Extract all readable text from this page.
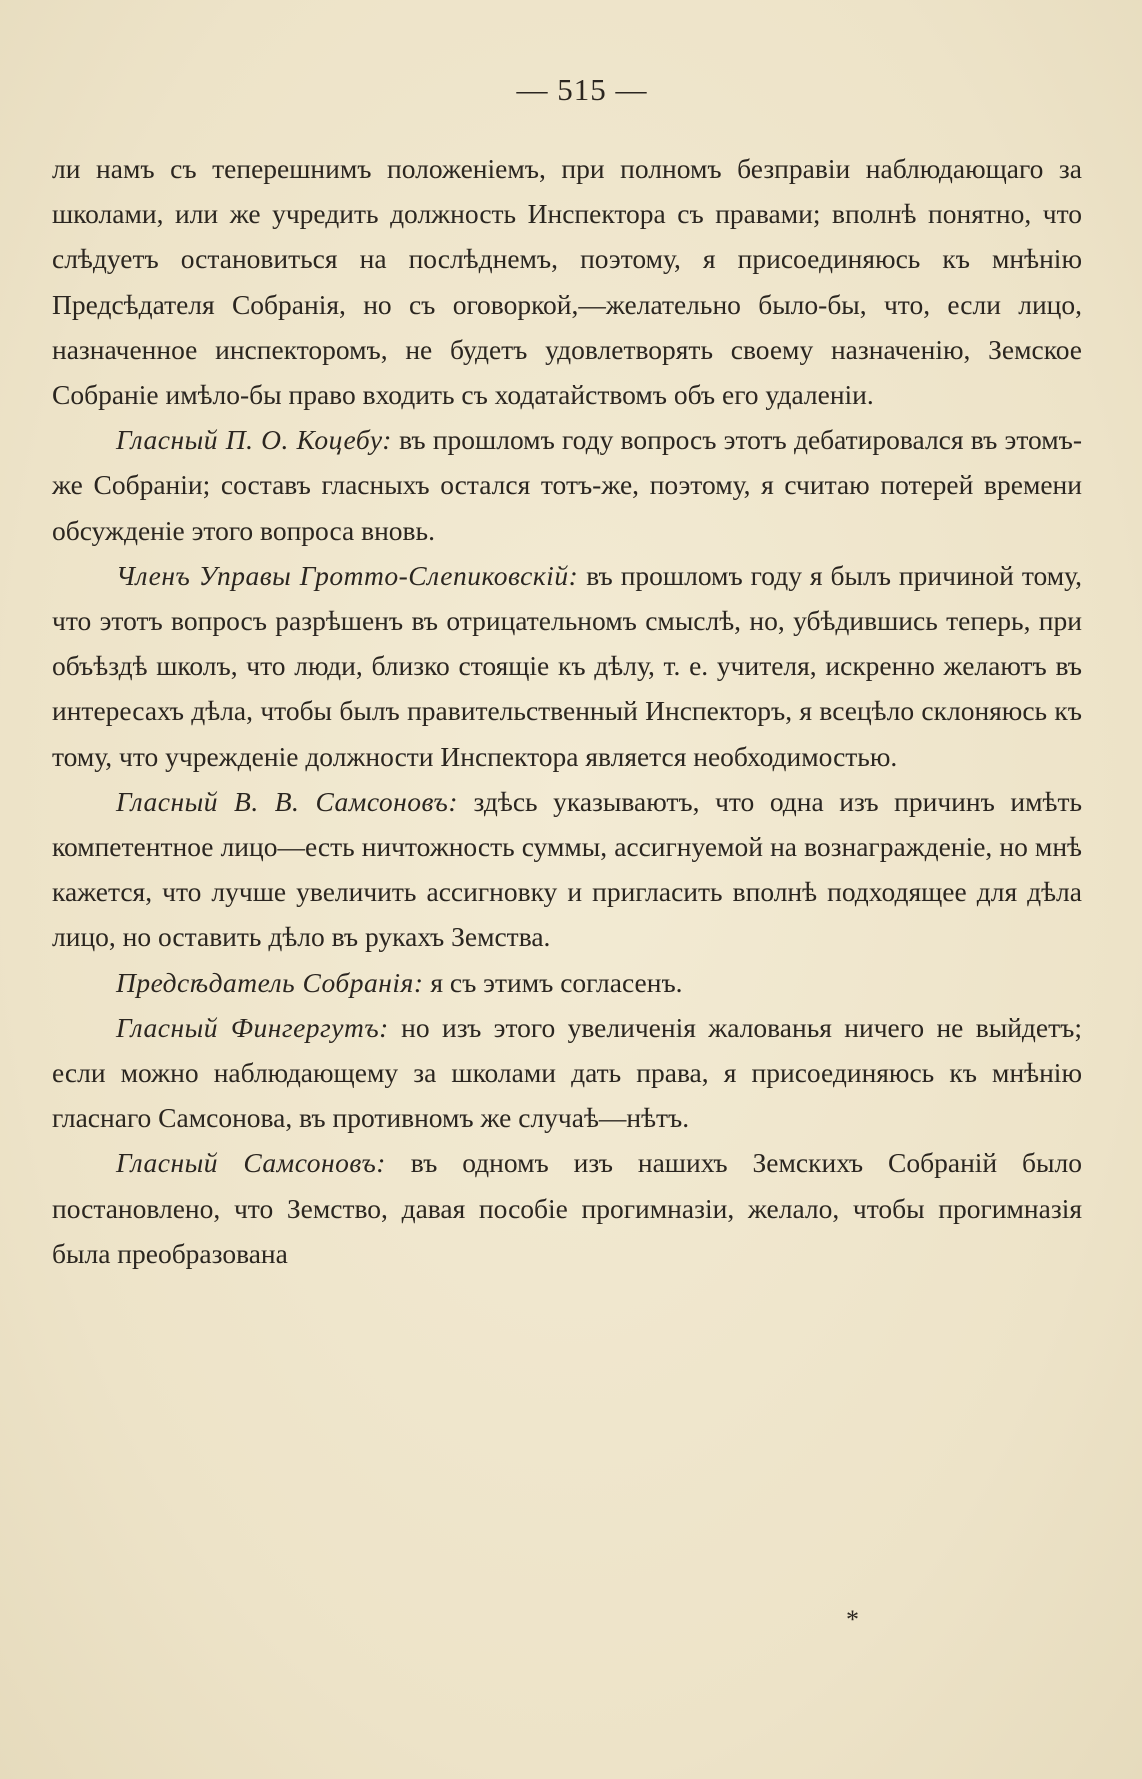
— 515 —

ли намъ съ теперешнимъ положеніемъ, при полномъ безправіи наблюдающаго за школами, или же учредить должность Инспектора съ правами; вполнѣ понятно, что слѣдуетъ остановиться на послѣднемъ, поэтому, я присоединяюсь къ мнѣнію Предсѣдателя Собранія, но съ оговоркой,—желательно было-бы, что, если лицо, назначенное инспекторомъ, не будетъ удовлетворять своему назначенію, Земское Собраніе имѣло-бы право входить съ ходатайствомъ объ его удаленіи.

Гласный П. О. Коцебу: въ прошломъ году вопросъ этотъ дебатировался въ этомъ-же Собраніи; составъ гласныхъ остался тотъ-же, поэтому, я считаю потерей времени обсужденіе этого вопроса вновь.

Членъ Управы Гротто-Слепиковскій: въ прошломъ году я былъ причиной тому, что этотъ вопросъ разрѣшенъ въ отрицательномъ смыслѣ, но, убѣдившись теперь, при объѣздѣ школъ, что люди, близко стоящіе къ дѣлу, т. е. учителя, искренно желаютъ въ интересахъ дѣла, чтобы былъ правительственный Инспекторъ, я всецѣло склоняюсь къ тому, что учрежденіе должности Инспектора является необходимостью.

Гласный В. В. Самсоновъ: здѣсь указываютъ, что одна изъ причинъ имѣть компетентное лицо—есть ничтожность суммы, ассигнуемой на вознагражденіе, но мнѣ кажется, что лучше увеличить ассигновку и пригласить вполнѣ подходящее для дѣла лицо, но оставить дѣло въ рукахъ Земства.

Предсѣдатель Собранія: я съ этимъ согласенъ.

Гласный Фингергутъ: но изъ этого увеличенія жалованья ничего не выйдетъ; если можно наблюдающему за школами дать права, я присоединяюсь къ мнѣнію гласнаго Самсонова, въ противномъ же случаѣ—нѣтъ.

Гласный Самсоновъ: въ одномъ изъ нашихъ Земскихъ Собраній было постановлено, что Земство, давая пособіе прогимназіи, желало, чтобы прогимназія была преобразована

*
